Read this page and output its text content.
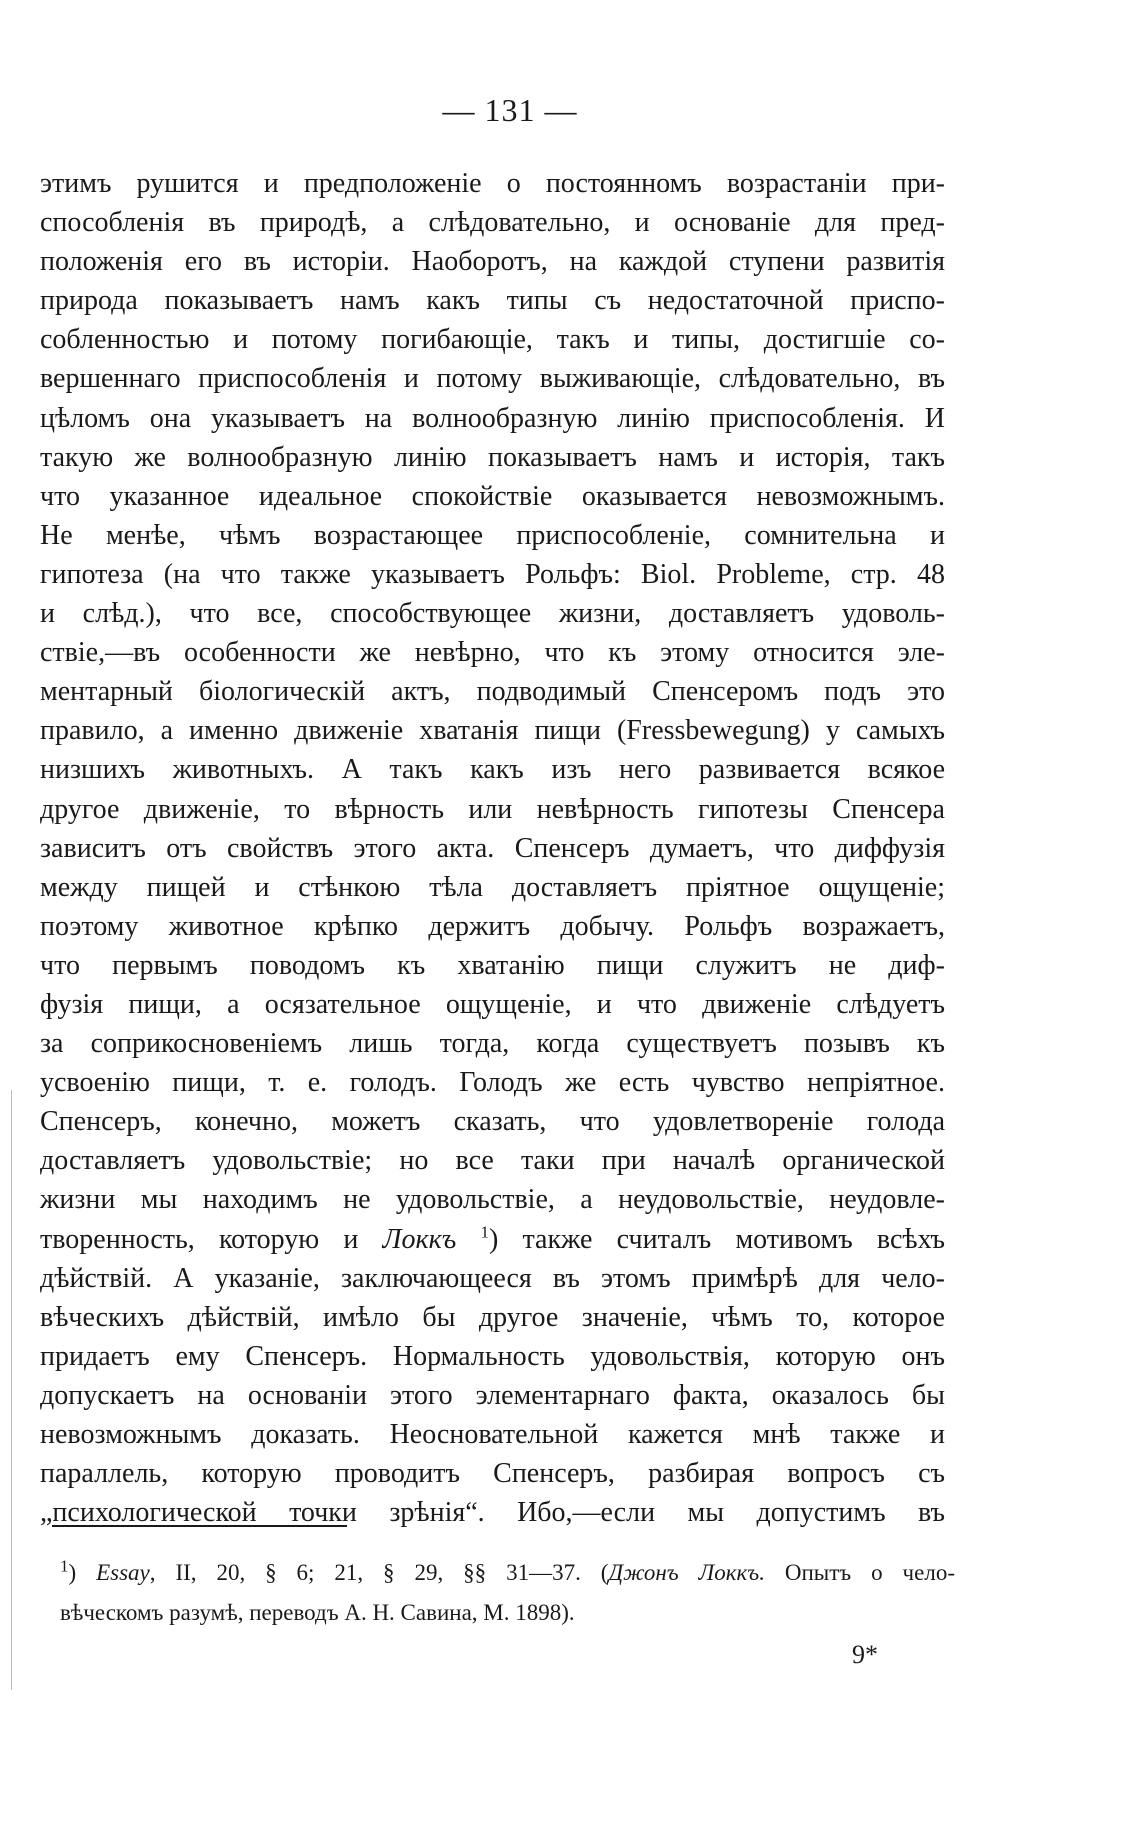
— 131 —
этимъ рушится и предположеніе о постоянномъ возрастаніи при-
способленія въ природѣ, а слѣдовательно, и основаніе для пред-
положенія его въ исторіи. Наоборотъ, на каждой ступени развитія
природа показываетъ намъ какъ типы съ недостаточной приспо-
собленностью и потому погибающіе, такъ и типы, достигшіе со-
вершеннаго приспособленія и потому выживающіе, слѣдовательно, въ
цѣломъ она указываетъ на волнообразную линію приспособленія. И
такую же волнообразную линію показываетъ намъ и исторія, такъ
что указанное идеальное спокойствіе оказывается невозможнымъ.
Не менѣе, чѣмъ возрастающее приспособленіе, сомнительна и
гипотеза (на что также указываетъ Рольфъ: Biol. Probleme, стр. 48
и слѣд.), что все, способствующее жизни, доставляетъ удоволь-
ствіе,—въ особенности же невѣрно, что къ этому относится эле-
ментарный біологическій актъ, подводимый Спенсеромъ подъ это
правило, а именно движеніе хватанія пищи (Fressbewegung) у самыхъ
низшихъ животныхъ. А такъ какъ изъ него развивается всякое
другое движеніе, то вѣрность или невѣрность гипотезы Спенсера
зависитъ отъ свойствъ этого акта. Спенсеръ думаетъ, что диффузія
между пищей и стѣнкою тѣла доставляетъ пріятное ощущеніе;
поэтому животное крѣпко держитъ добычу. Рольфъ возражаетъ,
что первымъ поводомъ къ хватанію пищи служитъ не диф-
фузія пищи, а осязательное ощущеніе, и что движеніе слѣдуетъ
за соприкосновеніемъ лишь тогда, когда существуетъ позывъ къ
усвоенію пищи, т. е. голодъ. Голодъ же есть чувство непріятное.
Спенсеръ, конечно, можетъ сказать, что удовлетвореніе голода
доставляетъ удовольствіе; но все таки при началѣ органической
жизни мы находимъ не удовольствіе, а неудовольствіе, неудовле-
творенность, которую и Локкъ $^1$) также считалъ мотивомъ всѣхъ
дѣйствій. А указаніе, заключающееся въ этомъ примѣрѣ для чело-
вѣческихъ дѣйствій, имѣло бы другое значеніе, чѣмъ то, которое
придаетъ ему Спенсеръ. Нормальность удовольствія, которую онъ
допускаетъ на основаніи этого элементарнаго факта, оказалось бы
невозможнымъ доказать. Неосновательной кажется мнѣ также и
параллель, которую проводитъ Спенсеръ, разбирая вопросъ съ
„психологической точки зрѣнія“. Ибо,—если мы допустимъ въ
$^1$) Essay, II, 20, § 6; 21, § 29, §§ 31—37. (Джонъ Локкъ. Опытъ о чело-
вѣческомъ разумѣ, переводъ А. Н. Савина, М. 1898).
9*
